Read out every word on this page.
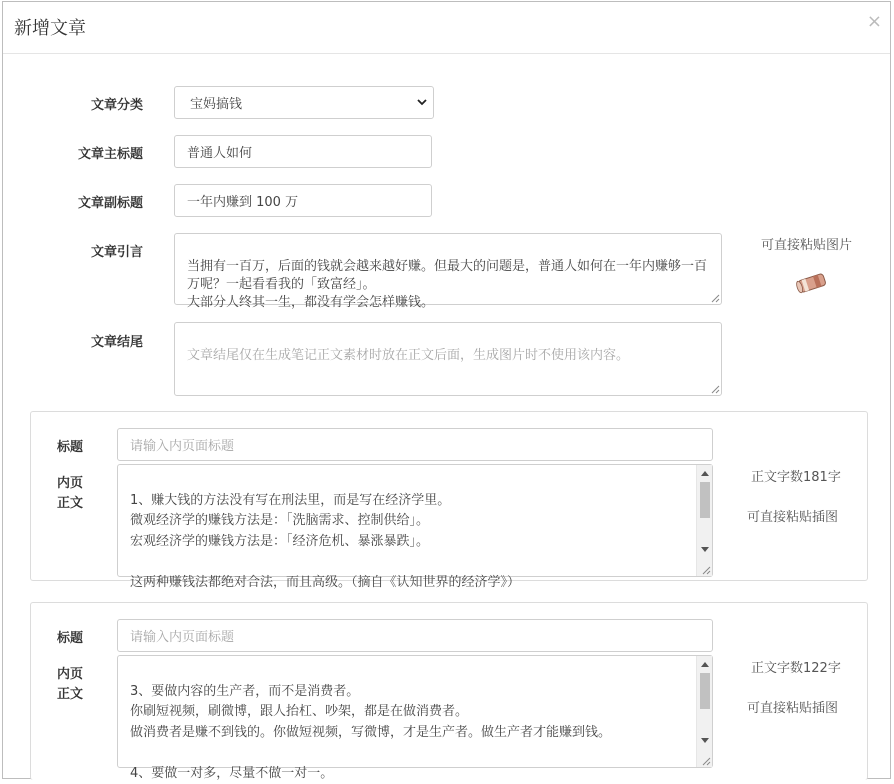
新增文章	×
文章分类	宝妈搞钱
文章主标题	普通人如何
文章副标题	一年内赚到 100 万
文章引言

当拥有一百万，后面的钱就会越来越好赚。但最大的问题是，普通人如何在一年内赚够一百万呢？一起看看我的「致富经」。
大部分人终其一生，都没有学会怎样赚钱。

可直接粘贴图片
文章结尾

文章结尾仅在生成笔记正文素材时放在正文后面，生成图片时不使用该内容。

标题	请输入内页面标题
内页
正文	1、赚大钱的方法没有写在刑法里，而是写在经济学里。
微观经济学的赚钱方法是：「洗脑需求、控制供给」。
宏观经济学的赚钱方法是：「经济危机、暴涨暴跌」。

这两种赚钱法都绝对合法，而且高级。（摘自《认知世界的经济学》）

正文字数181字
可直接粘贴插图
标题	请输入内页面标题
内页
正文	3、要做内容的生产者，而不是消费者。
你刷短视频，刷微博，跟人抬杠、吵架，都是在做消费者。
做消费者是赚不到钱的。你做短视频，写微博，才是生产者。做生产者才能赚到钱。

4、要做一对多，尽量不做一对一。

正文字数122字
可直接粘贴插图
